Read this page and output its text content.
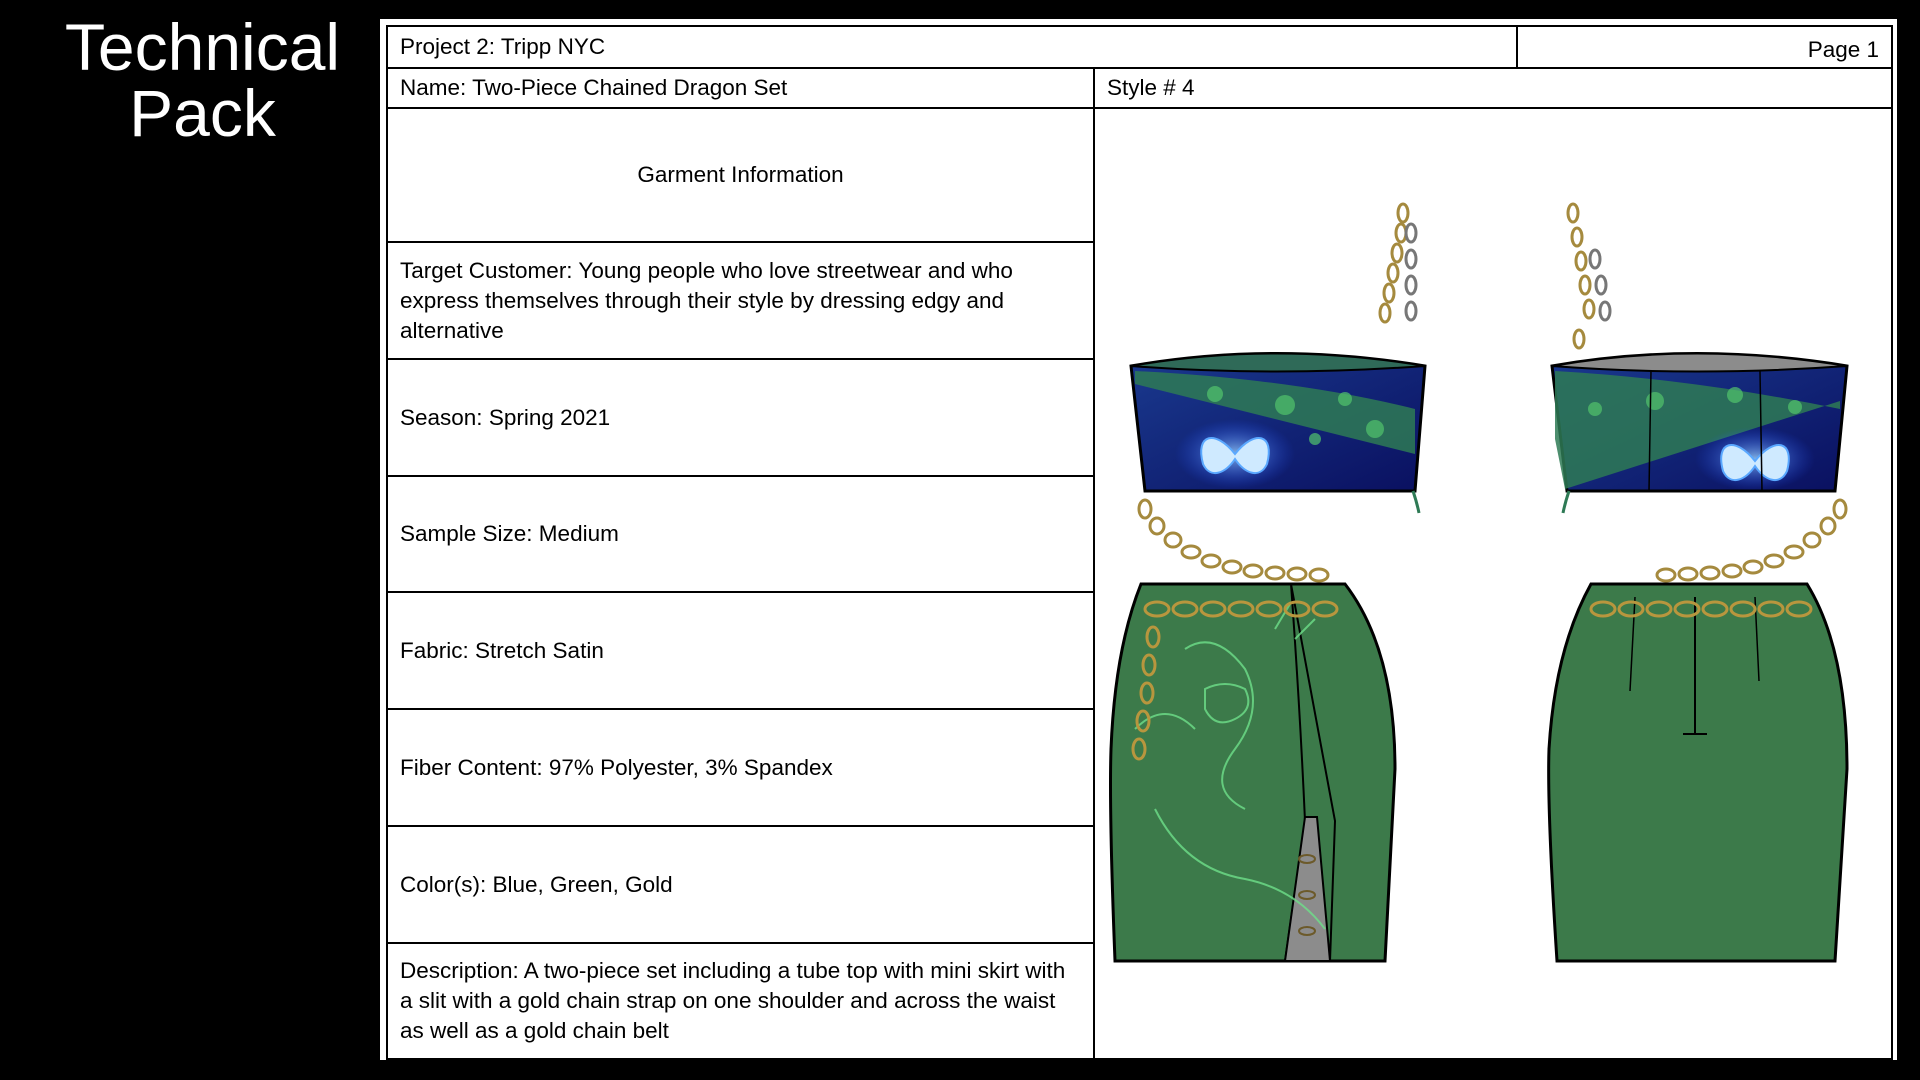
Technical
Pack
Project 2: Tripp NYC		Page 1
Name: Two-Piece Chained Dragon Set	Style # 4	
Garment Information	

Target Customer: Young people who love streetwear and who express themselves through their style by dressing edgy and alternative		
Season: Spring 2021		
Sample Size: Medium		
Fabric: Stretch Satin		
Fiber Content: 97% Polyester, 3% Spandex		
Color(s): Blue, Green, Gold		
Description: A two-piece set including a tube top with mini skirt with a slit with a gold chain strap on one shoulder and across the waist as well as a gold chain belt		
